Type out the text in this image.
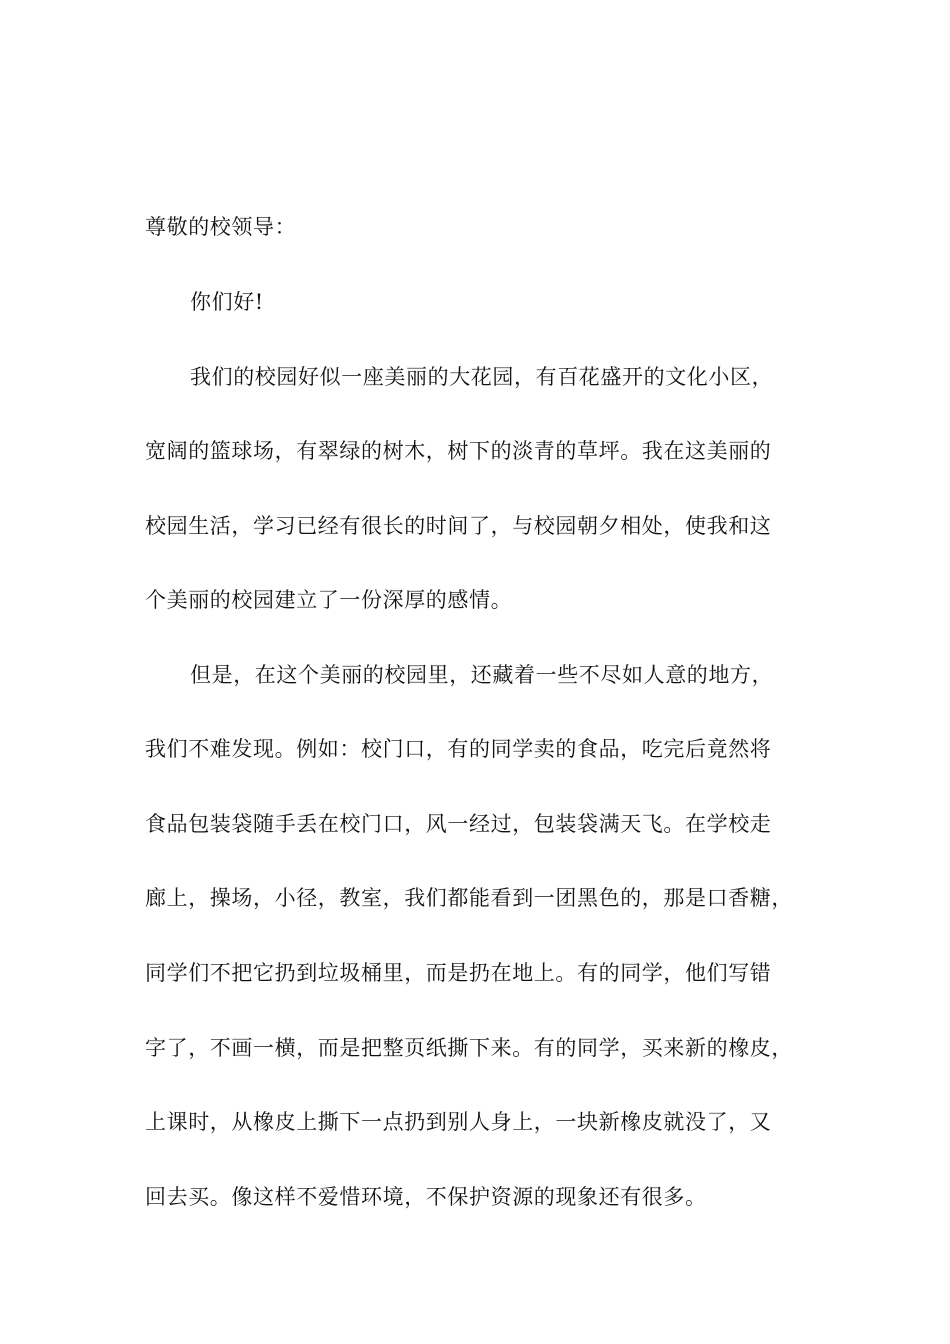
尊敬的校领导：
你们好!
我们的校园好似一座美丽的大花园，有百花盛开的文化小区，
宽阔的篮球场，有翠绿的树木，树下的淡青的草坪。我在这美丽的
校园生活，学习已经有很长的时间了，与校园朝夕相处，使我和这
个美丽的校园建立了一份深厚的感情。
但是，在这个美丽的校园里，还藏着一些不尽如人意的地方，
我们不难发现。例如：校门口，有的同学卖的食品，吃完后竟然将
食品包装袋随手丢在校门口，风一经过，包装袋满天飞。在学校走
廊上，操场，小径，教室，我们都能看到一团黑色的，那是口香糖，
同学们不把它扔到垃圾桶里，而是扔在地上。有的同学，他们写错
字了，不画一横，而是把整页纸撕下来。有的同学，买来新的橡皮，
上课时，从橡皮上撕下一点扔到别人身上，一块新橡皮就没了，又
回去买。像这样不爱惜环境，不保护资源的现象还有很多。
